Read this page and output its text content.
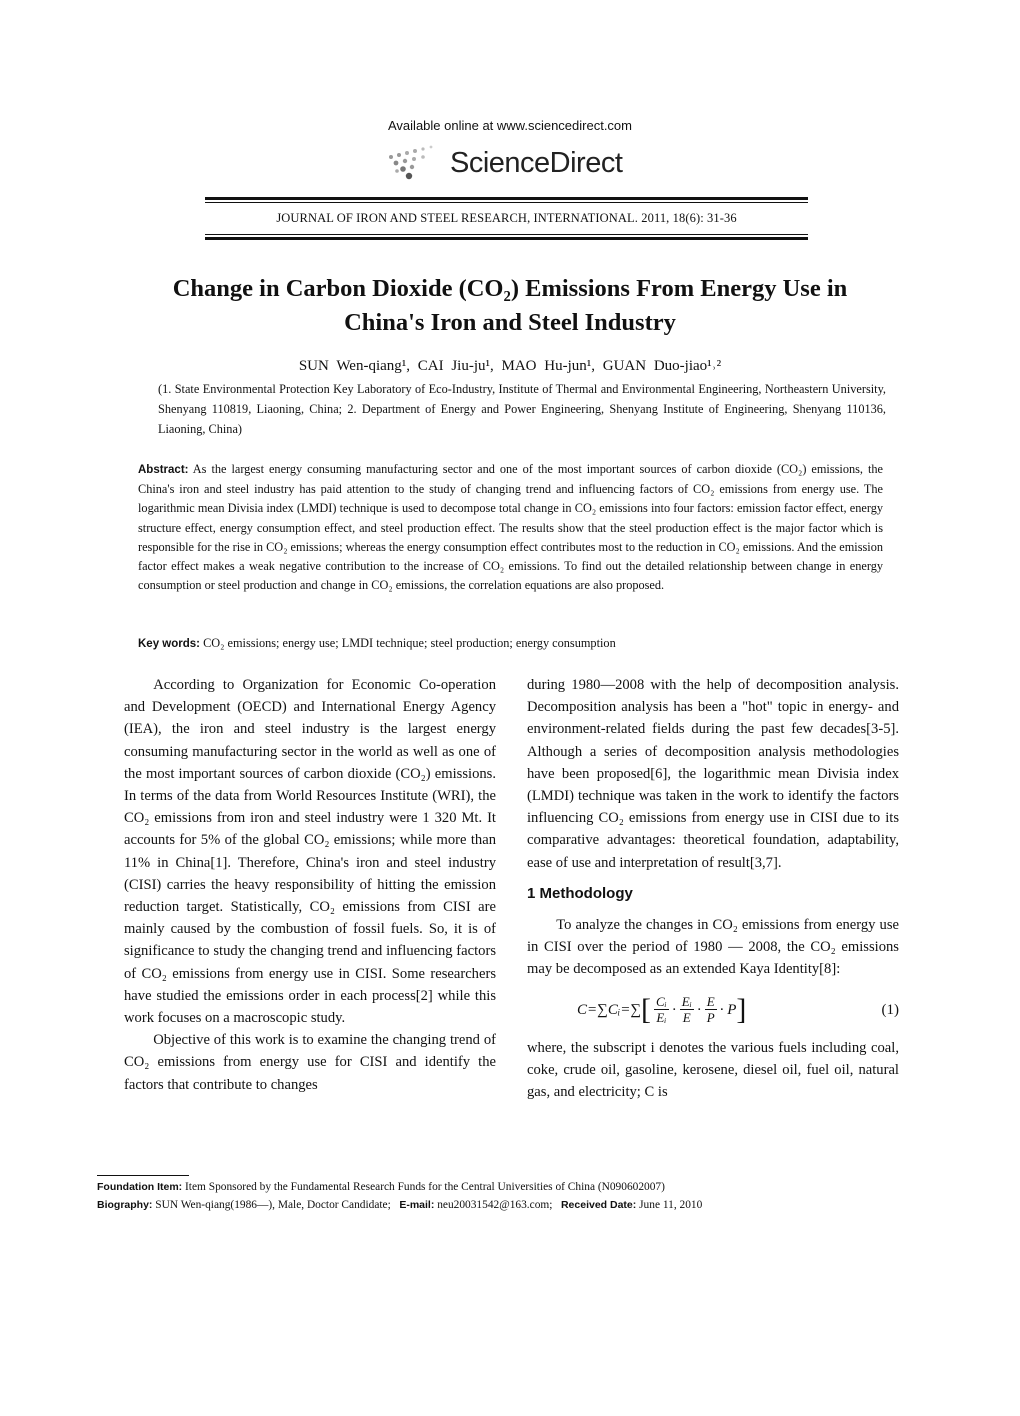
Available online at www.sciencedirect.com
ScienceDirect
JOURNAL OF IRON AND STEEL RESEARCH, INTERNATIONAL. 2011, 18(6): 31-36
Change in Carbon Dioxide (CO₂) Emissions From Energy Use in
China's Iron and Steel Industry
SUN Wen-qiang¹, CAI Jiu-ju¹, MAO Hu-jun¹, GUAN Duo-jiao¹˒²
(1. State Environmental Protection Key Laboratory of Eco-Industry, Institute of Thermal and Environmental Engineering, Northeastern University, Shenyang 110819, Liaoning, China; 2. Department of Energy and Power Engineering, Shenyang Institute of Engineering, Shenyang 110136, Liaoning, China)
Abstract: As the largest energy consuming manufacturing sector and one of the most important sources of carbon dioxide (CO₂) emissions, the China's iron and steel industry has paid attention to the study of changing trend and influencing factors of CO₂ emissions from energy use. The logarithmic mean Divisia index (LMDI) technique is used to decompose total change in CO₂ emissions into four factors: emission factor effect, energy structure effect, energy consumption effect, and steel production effect. The results show that the steel production effect is the major factor which is responsible for the rise in CO₂ emissions; whereas the energy consumption effect contributes most to the reduction in CO₂ emissions. And the emission factor effect makes a weak negative contribution to the increase of CO₂ emissions. To find out the detailed relationship between change in energy consumption or steel production and change in CO₂ emissions, the correlation equations are also proposed.
Key words: CO₂ emissions; energy use; LMDI technique; steel production; energy consumption

According to Organization for Economic Co-operation and Development (OECD) and International Energy Agency (IEA), the iron and steel industry is the largest energy consuming manufacturing sector in the world as well as one of the most important sources of carbon dioxide (CO₂) emissions. In terms of the data from World Resources Institute (WRI), the CO₂ emissions from iron and steel industry were 1 320 Mt. It accounts for 5% of the global CO₂ emissions; while more than 11% in China[1]. Therefore, China's iron and steel industry (CISI) carries the heavy responsibility of hitting the emission reduction target. Statistically, CO₂ emissions from CISI are mainly caused by the combustion of fossil fuels. So, it is of significance to study the changing trend and influencing factors of CO₂ emissions from energy use in CISI. Some researchers have studied the emissions order in each process[2] while this work focuses on a macroscopic study.

Objective of this work is to examine the changing trend of CO₂ emissions from energy use for CISI and identify the factors that contribute to changes

during 1980—2008 with the help of decomposition analysis. Decomposition analysis has been a "hot" topic in energy- and environment-related fields during the past few decades[3-5]. Although a series of decomposition analysis methodologies have been proposed[6], the logarithmic mean Divisia index (LMDI) technique was taken in the work to identify the factors influencing CO₂ emissions from energy use in CISI due to its comparative advantages: theoretical foundation, adaptability, ease of use and interpretation of result[3,7].

1 Methodology

To analyze the changes in CO₂ emissions from energy use in CISI over the period of 1980 — 2008, the CO₂ emissions may be decomposed as an extended Kaya Identity[8]:

C=∑Cᵢ=∑ [ $\frac{\text{Cᵢ}}{\text{Eᵢ}} \cdot \frac{\text{Eᵢ}}{E} \cdot \frac{E}{P} \cdot P$ ]	(1)

where, the subscript i denotes the various fuels including coal, coke, crude oil, gasoline, kerosene, diesel oil, fuel oil, natural gas, and electricity; C is

Foundation Item: Item Sponsored by the Fundamental Research Funds for the Central Universities of China (N090602007)
Biography: SUN Wen-qiang(1986—), Male, Doctor Candidate; E-mail: neu20031542@163.com; Received Date: June 11, 2010
